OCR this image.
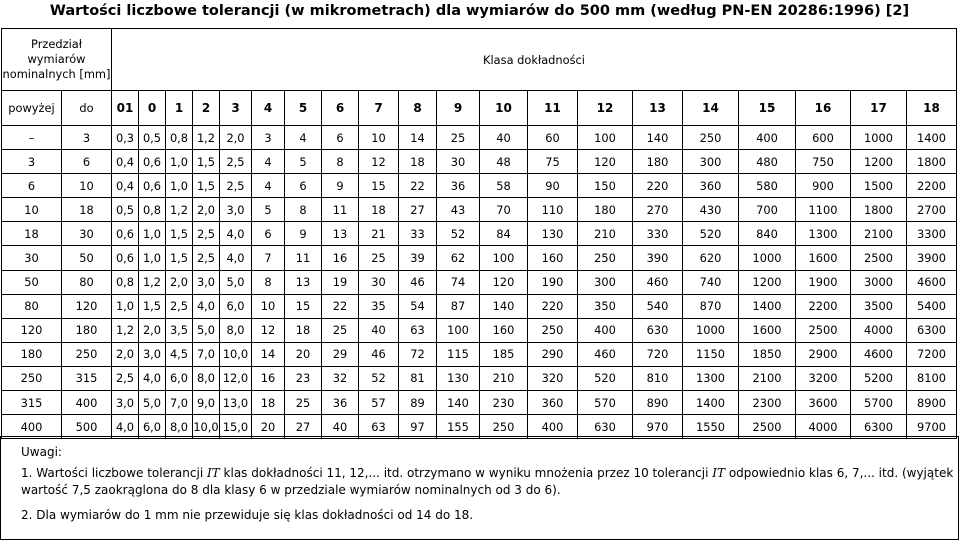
Wartości liczbowe tolerancji (w mikrometrach) dla wymiarów do 500 mm (według PN-EN 20286:1996) [2]
Przedział wymiarów nominalnych [mm]		Klasa dokładności																			
powyżej	do	01	0	1	2	3	4	5	6	7	8	9	10	11	12	13	14	15	16	17	18
–	3	0,3	0,5	0,8	1,2	2,0	3	4	6	10	14	25	40	60	100	140	250	400	600	1000	1400
3	6	0,4	0,6	1,0	1,5	2,5	4	5	8	12	18	30	48	75	120	180	300	480	750	1200	1800
6	10	0,4	0,6	1,0	1,5	2,5	4	6	9	15	22	36	58	90	150	220	360	580	900	1500	2200
10	18	0,5	0,8	1,2	2,0	3,0	5	8	11	18	27	43	70	110	180	270	430	700	1100	1800	2700
18	30	0,6	1,0	1,5	2,5	4,0	6	9	13	21	33	52	84	130	210	330	520	840	1300	2100	3300
30	50	0,6	1,0	1,5	2,5	4,0	7	11	16	25	39	62	100	160	250	390	620	1000	1600	2500	3900
50	80	0,8	1,2	2,0	3,0	5,0	8	13	19	30	46	74	120	190	300	460	740	1200	1900	3000	4600
80	120	1,0	1,5	2,5	4,0	6,0	10	15	22	35	54	87	140	220	350	540	870	1400	2200	3500	5400
120	180	1,2	2,0	3,5	5,0	8,0	12	18	25	40	63	100	160	250	400	630	1000	1600	2500	4000	6300
180	250	2,0	3,0	4,5	7,0	10,0	14	20	29	46	72	115	185	290	460	720	1150	1850	2900	4600	7200
250	315	2,5	4,0	6,0	8,0	12,0	16	23	32	52	81	130	210	320	520	810	1300	2100	3200	5200	8100
315	400	3,0	5,0	7,0	9,0	13,0	18	25	36	57	89	140	230	360	570	890	1400	2300	3600	5700	8900
400	500	4,0	6,0	8,0	10,0	15,0	20	27	40	63	97	155	250	400	630	970	1550	2500	4000	6300	9700
Uwagi:
1. Wartości liczbowe tolerancji IT klas dokładności 11, 12,... itd. otrzymano w wyniku mnożenia przez 10 tolerancji IT odpowiednio klas 6, 7,... itd. (wyjątek
wartość 7,5 zaokrąglona do 8 dla klasy 6 w przedziale wymiarów nominalnych od 3 do 6).
2. Dla wymiarów do 1 mm nie przewiduje się klas dokładności od 14 do 18.
